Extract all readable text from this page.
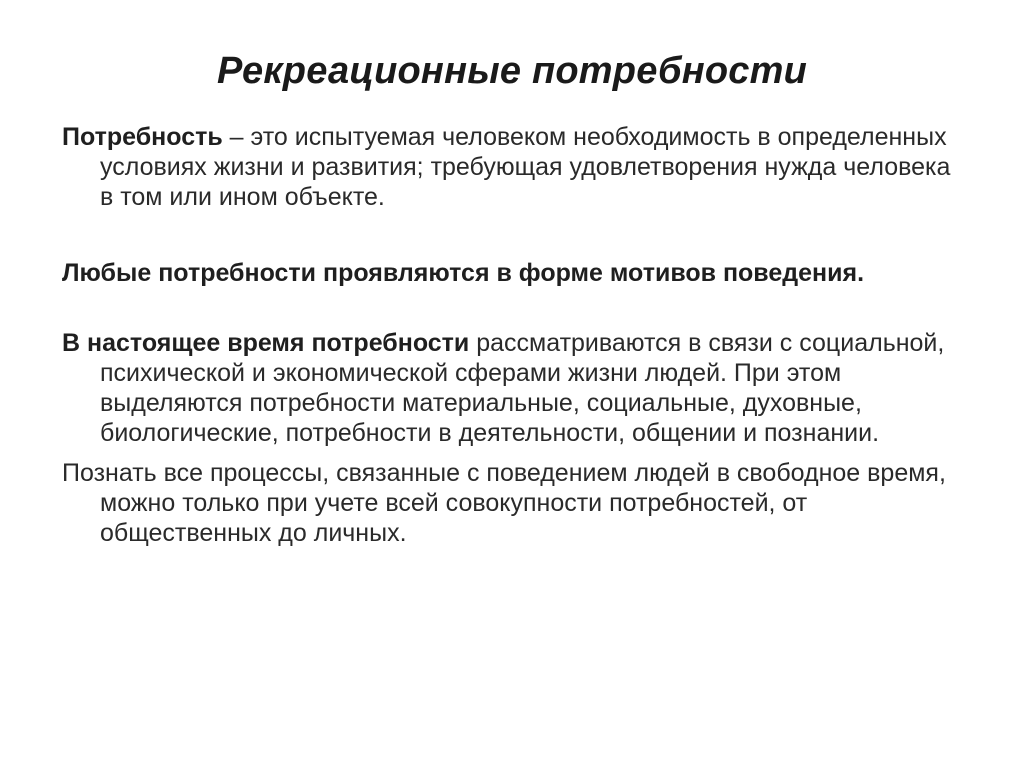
Рекреационные потребности

Потребность – это испытуемая человеком необходимость в определенных условиях жизни и развития; требующая удовлетворения нужда человека в том или ином объекте.

Любые потребности проявляются в форме мотивов поведения.

В настоящее время потребности рассматриваются в связи с социальной, психической и экономической сферами жизни людей. При этом выделяются потребности материальные, социальные, духовные, биологические, потребности в деятельности, общении и познании.

Познать все процессы, связанные с поведением людей в свободное время, можно только при учете всей совокупности потребностей, от общественных до личных.
